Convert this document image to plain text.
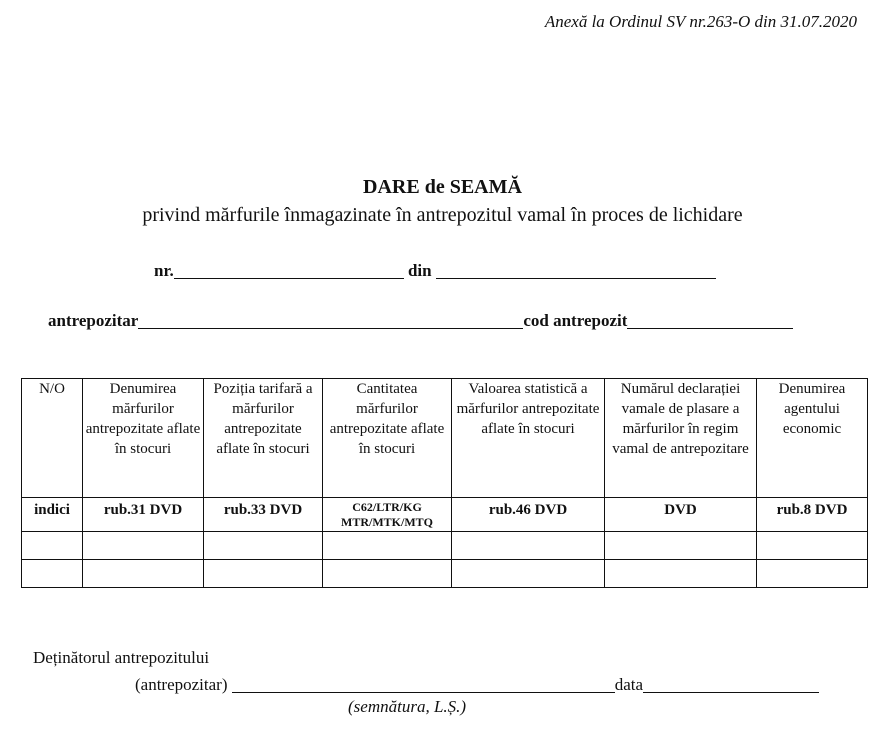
Anexă la Ordinul SV nr.263-O din 31.07.2020
DARE de SEAMĂ
privind mărfurile înmagazinate în antrepozitul vamal în proces de lichidare
nr.	din
antrepozitar	cod antrepozit
N/O	Denumirea mărfurilor antrepozitate aflate în stocuri	Poziția tarifară a mărfurilor antrepozitate aflate în stocuri	Cantitatea mărfurilor antrepozitate aflate în stocuri	Valoarea statistică a mărfurilor antrepozitate aflate în stocuri	Numărul declarației vamale de plasare a mărfurilor în regim vamal de antrepozitare	Denumirea agentului economic
indici	rub.31 DVD	rub.33 DVD	C62/LTR/KG MTR/MTK/MTQ	rub.46 DVD	DVD	rub.8 DVD

Deținătorul antrepozitului
(antrepozitar)	data
(semnătura, L.Ș.)
